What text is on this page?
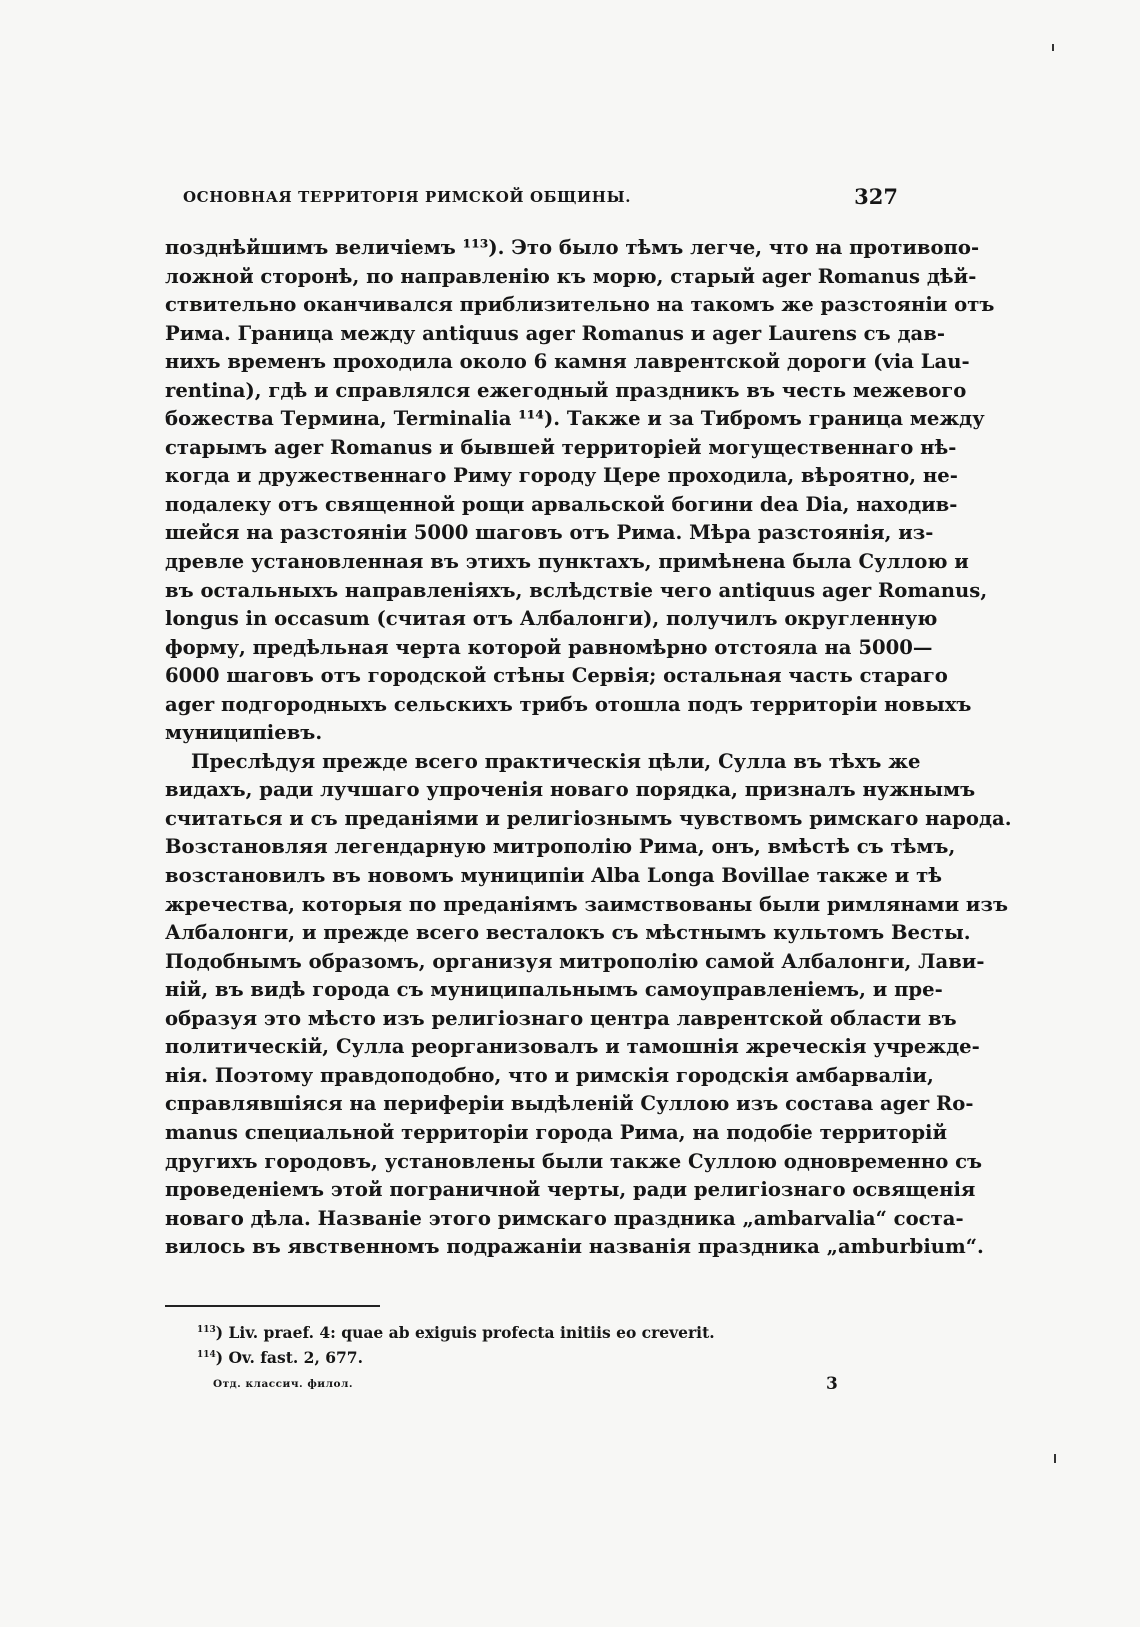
ОСНОВНАЯ ТЕРРИТОРІЯ РИМСКОЙ ОБЩИНЫ.	327
позднѣйшимъ величіемъ ¹¹³). Это было тѣмъ легче, что на противопо-
ложной сторонѣ, по направленію къ морю, старый ager Romanus дѣй-
ствительно оканчивался приблизительно на такомъ же разстояніи отъ
Рима. Граница между antiquus ager Romanus и ager Laurens съ дав-
нихъ временъ проходила около 6 камня лаврентской дороги (via Lau-
rentina), гдѣ и справлялся ежегодный праздникъ въ честь межевого
божества Термина, Terminalia ¹¹⁴). Также и за Тибромъ граница между
старымъ ager Romanus и бывшей территоріей могущественнаго нѣ-
когда и дружественнаго Риму городу Цере проходила, вѣроятно, не-
подалеку отъ священной рощи арвальской богини dea Dia, находив-
шейся на разстояніи 5000 шаговъ отъ Рима. Мѣра разстоянія, из-
древле установленная въ этихъ пунктахъ, примѣнена была Суллою и
въ остальныхъ направленіяхъ, вслѣдствіе чего antiquus ager Romanus,
longus in occasum (считая отъ Албалонги), получилъ округленную
форму, предѣльная черта которой равномѣрно отстояла на 5000—
6000 шаговъ отъ городской стѣны Сервія; остальная часть стараго
ager подгородныхъ сельскихъ трибъ отошла подъ территоріи новыхъ
муниципіевъ.
Преслѣдуя прежде всего практическія цѣли, Сулла въ тѣхъ же
видахъ, ради лучшаго упроченія новаго порядка, призналъ нужнымъ
считаться и съ преданіями и религіознымъ чувствомъ римскаго народа.
Возстановляя легендарную митрополію Рима, онъ, вмѣстѣ съ тѣмъ,
возстановилъ въ новомъ муниципіи Alba Longa Bovillae также и тѣ
жречества, которыя по преданіямъ заимствованы были римлянами изъ
Албалонги, и прежде всего весталокъ съ мѣстнымъ культомъ Весты.
Подобнымъ образомъ, организуя митрополію самой Албалонги, Лави-
ній, въ видѣ города съ муниципальнымъ самоуправленіемъ, и пре-
образуя это мѣсто изъ религіознаго центра лаврентской области въ
политическій, Сулла реорганизовалъ и тамошнія жреческія учрежде-
нія. Поэтому правдоподобно, что и римскія городскія амбарваліи,
справлявшіяся на периферіи выдѣленій Суллою изъ состава ager Ro-
manus специальной территоріи города Рима, на подобіе территорій
другихъ городовъ, установлены были также Суллою одновременно съ
проведеніемъ этой пограничной черты, ради религіознаго освященія
новаго дѣла. Названіе этого римскаго праздника „ambarvalia“ соста-
вилось въ явственномъ подражаніи названія праздника „amburbium“.
$^{113}$) Liv. praef. 4: quae ab exiguis profecta initiis eo creverit.
$^{114}$) Ov. fast. 2, 677.
Отд. классич. филол.	3
